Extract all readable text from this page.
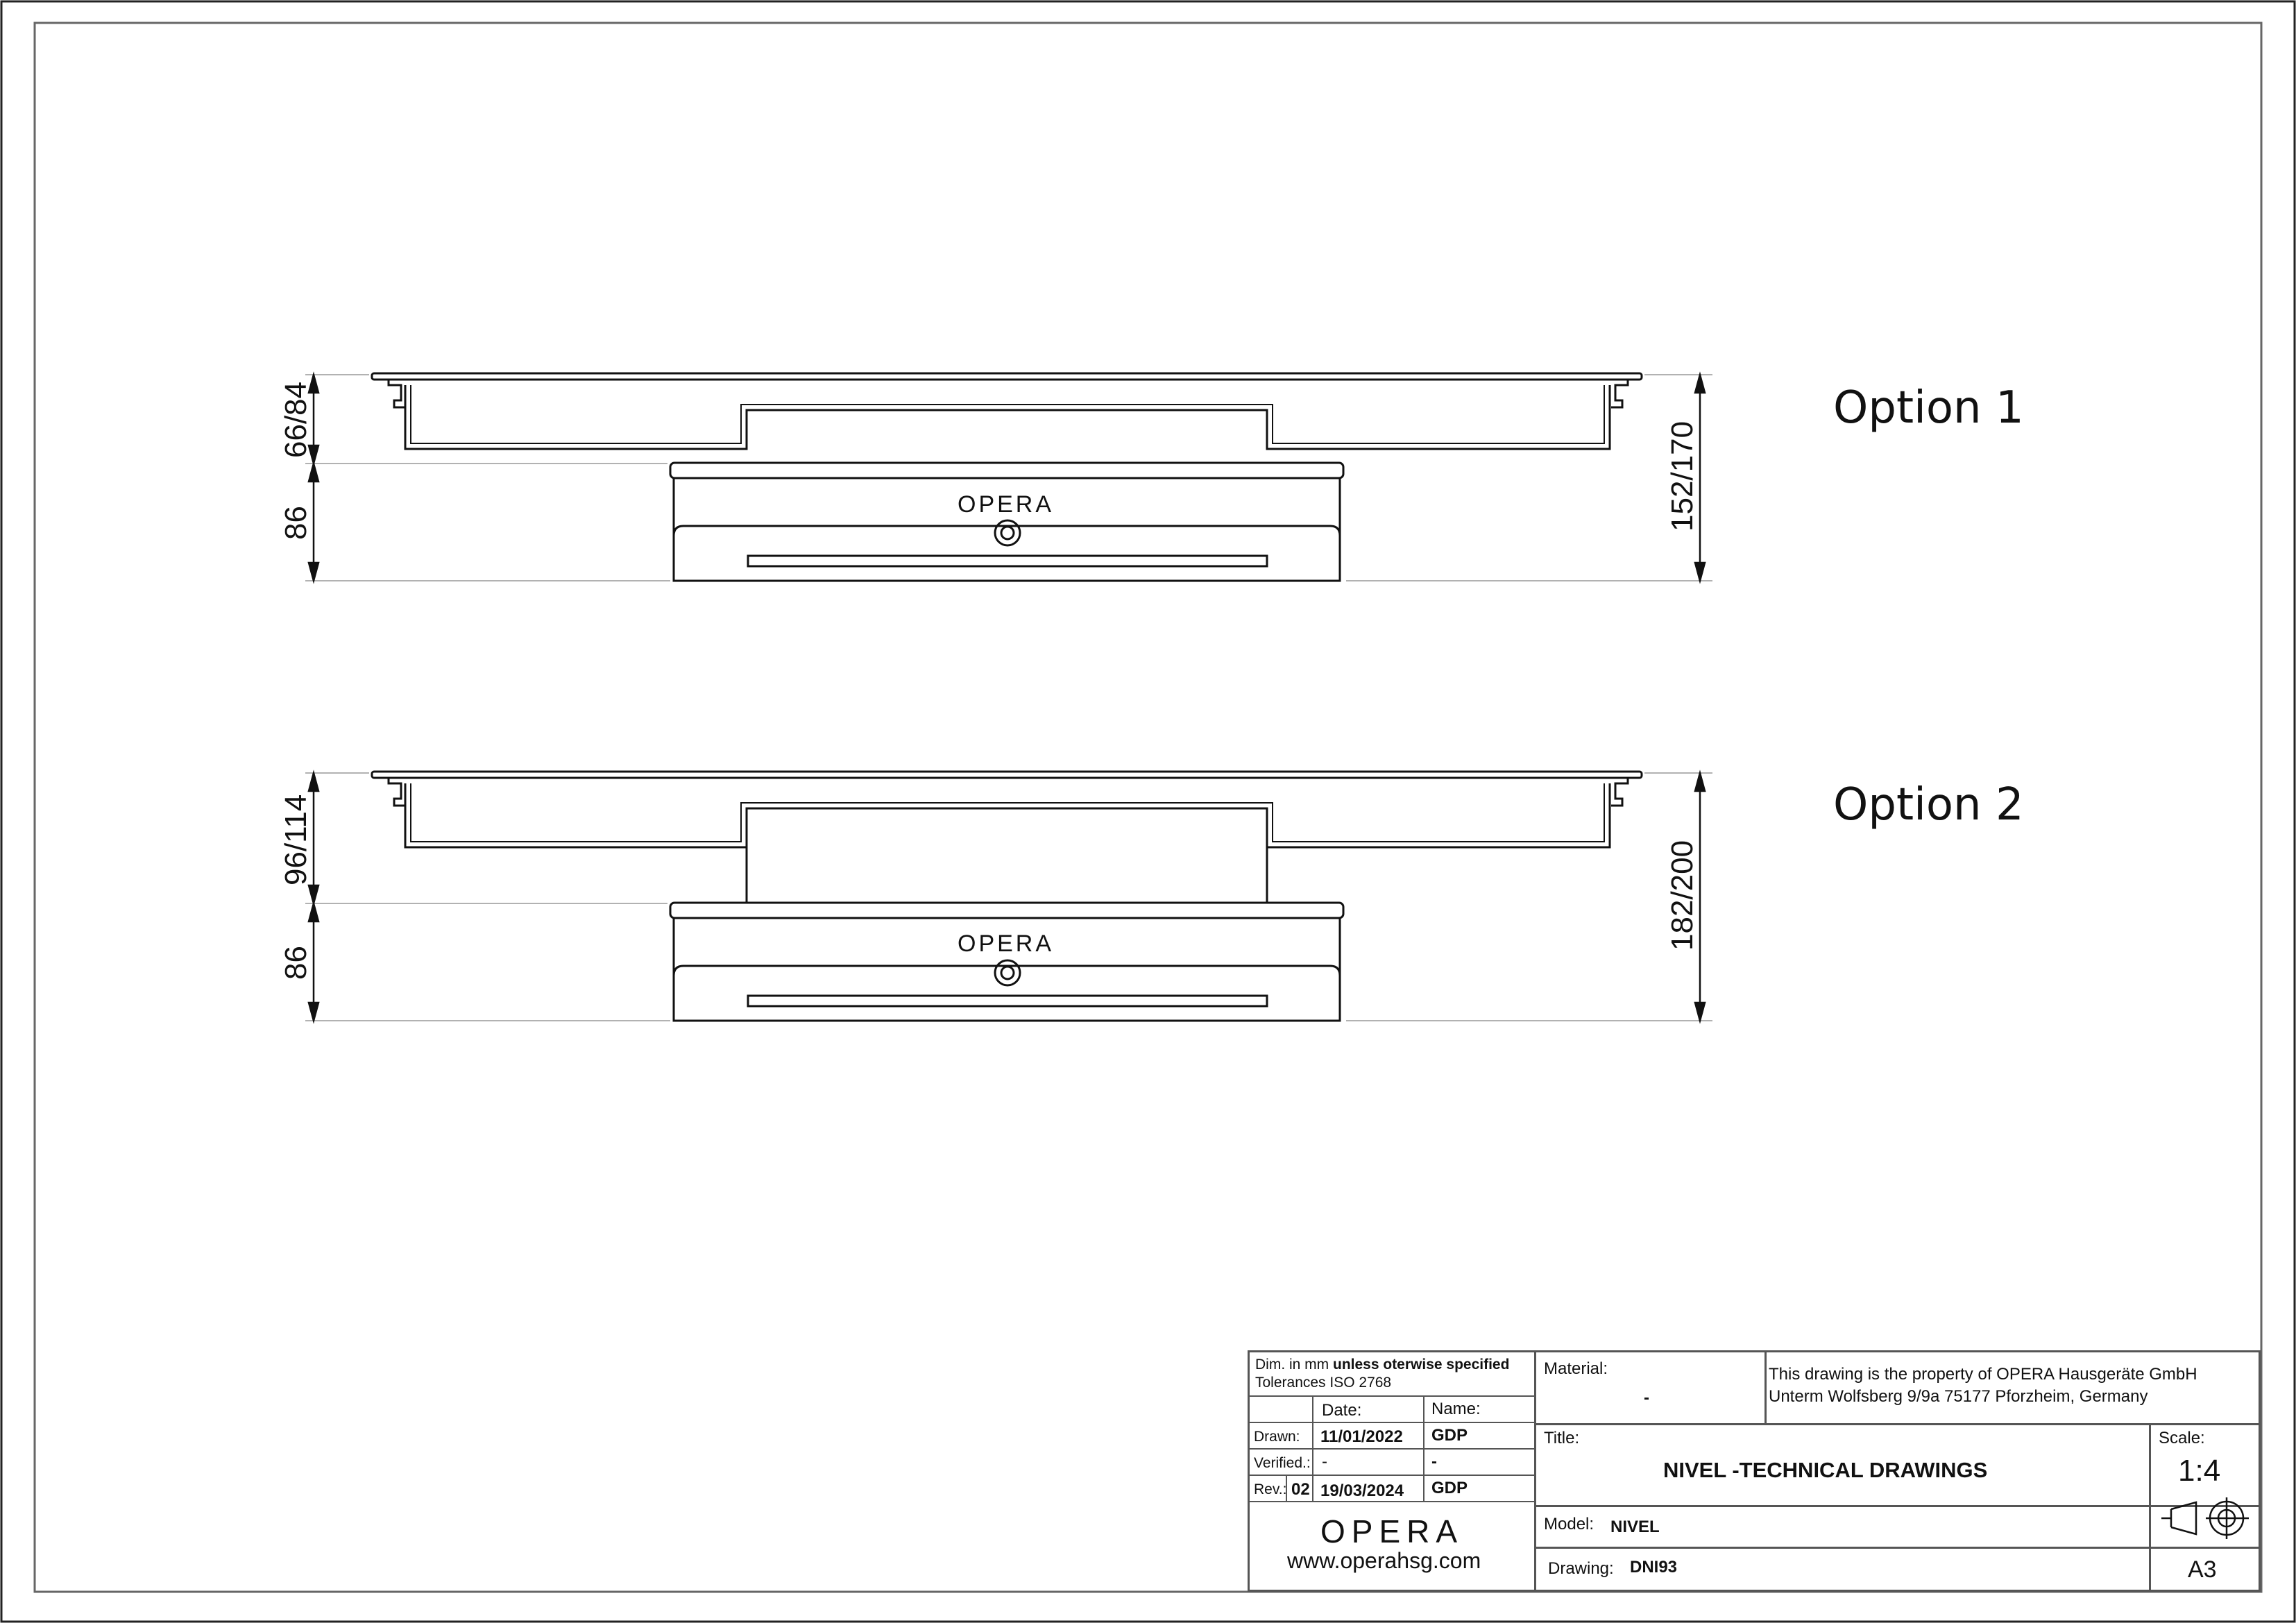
Option 1
Option 2
66/84
86	152/170
96/114
86
182/200
OPERA
OPERA
Dim. in mm unless oterwise specified
Tolerances ISO 2768
Date:	Name:
Drawn: 11/01/2022 GDP
Verified.: -	-
Rev.: 02 19/03/2024 GDP
OPERA
www.operahsg.com
Material:
-
This drawing is the property of OPERA Hausgeräte GmbH
Unterm Wolfsberg 9/9a 75177 Pforzheim, Germany
Title:
NIVEL -TECHNICAL DRAWINGS
Scale:
1:4
Model: NIVEL
Drawing: DNI93	A3
